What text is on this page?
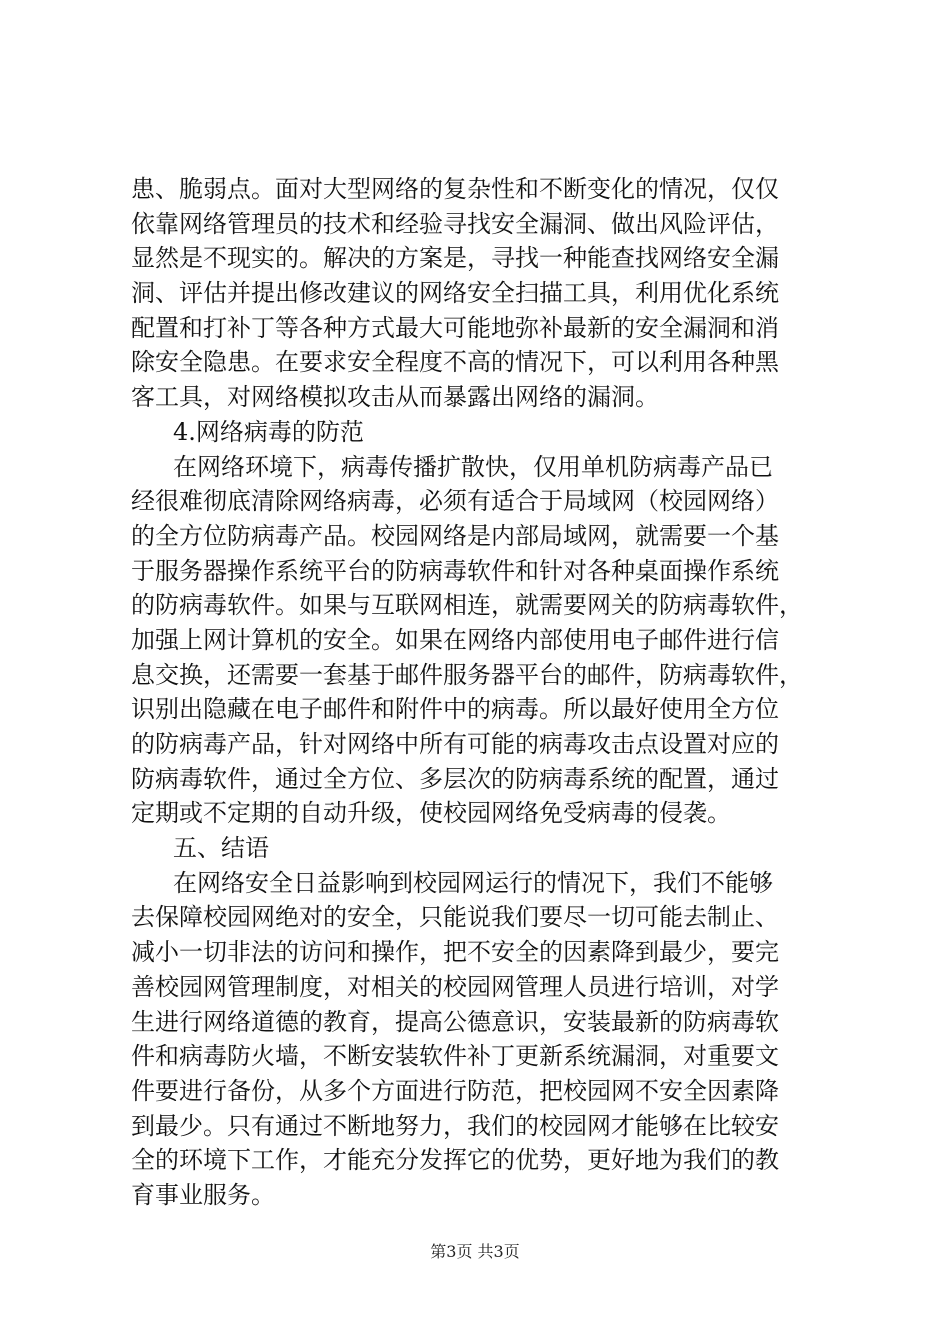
患、脆弱点。面对大型网络的复杂性和不断变化的情况，仅仅
依靠网络管理员的技术和经验寻找安全漏洞、做出风险评估，
显然是不现实的。解决的方案是，寻找一种能查找网络安全漏
洞、评估并提出修改建议的网络安全扫描工具，利用优化系统
配置和打补丁等各种方式最大可能地弥补最新的安全漏洞和消
除安全隐患。在要求安全程度不高的情况下，可以利用各种黑
客工具，对网络模拟攻击从而暴露出网络的漏洞。
4.网络病毒的防范
在网络环境下，病毒传播扩散快，仅用单机防病毒产品已
经很难彻底清除网络病毒，必须有适合于局域网（校园网络）
的全方位防病毒产品。校园网络是内部局域网，就需要一个基
于服务器操作系统平台的防病毒软件和针对各种桌面操作系统
的防病毒软件。如果与互联网相连，就需要网关的防病毒软件，
加强上网计算机的安全。如果在网络内部使用电子邮件进行信
息交换，还需要一套基于邮件服务器平台的邮件，防病毒软件，
识别出隐藏在电子邮件和附件中的病毒。所以最好使用全方位
的防病毒产品，针对网络中所有可能的病毒攻击点设置对应的
防病毒软件，通过全方位、多层次的防病毒系统的配置，通过
定期或不定期的自动升级，使校园网络免受病毒的侵袭。
五、结语
在网络安全日益影响到校园网运行的情况下，我们不能够
去保障校园网绝对的安全，只能说我们要尽一切可能去制止、
减小一切非法的访问和操作，把不安全的因素降到最少，要完
善校园网管理制度，对相关的校园网管理人员进行培训，对学
生进行网络道德的教育，提高公德意识，安装最新的防病毒软
件和病毒防火墙，不断安装软件补丁更新系统漏洞，对重要文
件要进行备份，从多个方面进行防范，把校园网不安全因素降
到最少。只有通过不断地努力，我们的校园网才能够在比较安
全的环境下工作，才能充分发挥它的优势，更好地为我们的教
育事业服务。
第3页 共3页
